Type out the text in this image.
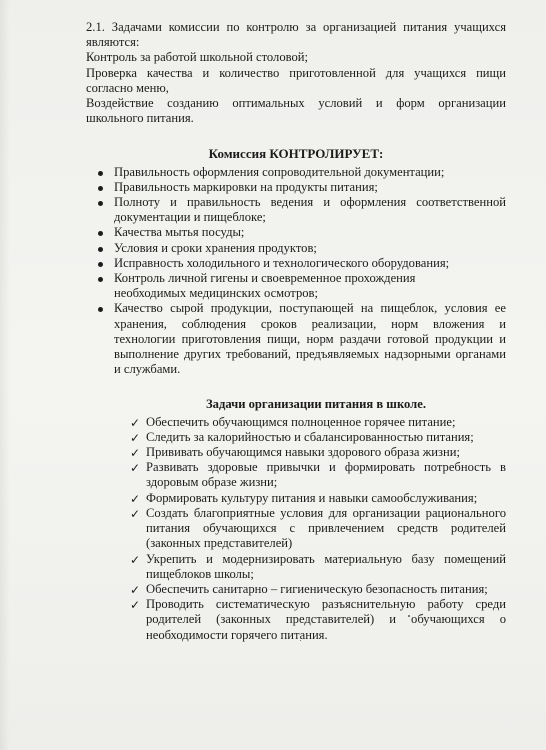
2.1. Задачами комиссии по контролю за организацией питания учащихся

являются:

Контроль за работой школьной столовой;

Проверка качества и количество приготовленной для учащихся пищи

согласно меню,

Воздействие созданию оптимальных условий и форм организации

школьного питания.

Комиссия КОНТРОЛИРУЕТ:

Правильность оформления сопроводительной документации;
Правильность маркировки на продукты питания;
Полноту и правильность ведения и оформления соответственной
документации и пищеблоке;
Качества мытья посуды;
Условия и сроки хранения продуктов;
Исправность холодильного и технологического оборудования;
Контроль личной гигены и своевременное прохождения
необходимых медицинских осмотров;
Качество сырой продукции, поступающей на пищеблок, условия ее
хранения, соблюдения сроков реализации, норм вложения и
технологии приготовления пищи, норм раздачи готовой продукции и
выполнение других требований, предъявляемых надзорными органами
и службами.

Задачи организации питания в школе.

✓ Обеспечить обучающимся полноценное горячее питание;
✓ Следить за калорийностью и сбалансированностью питания;
✓ Прививать обучающимся навыки здорового образа жизни;
✓ Развивать здоровые привычки и формировать потребность в
здоровым образе жизни;
✓ Формировать культуру питания и навыки самообслуживания;
✓ Создать благоприятные условия для организации рационального
питания обучающихся с привлечением средств родителей
(законных представителей)
✓ Укрепить и модернизировать материальную базу помещений
пищеблоков школы;
✓ Обеспечить санитарно – гигиеническую безопасность питания;
✓ Проводить систематическую разъяснительную работу среди
родителей (законных представителей) и обучающихся о
необходимости горячего питания.
